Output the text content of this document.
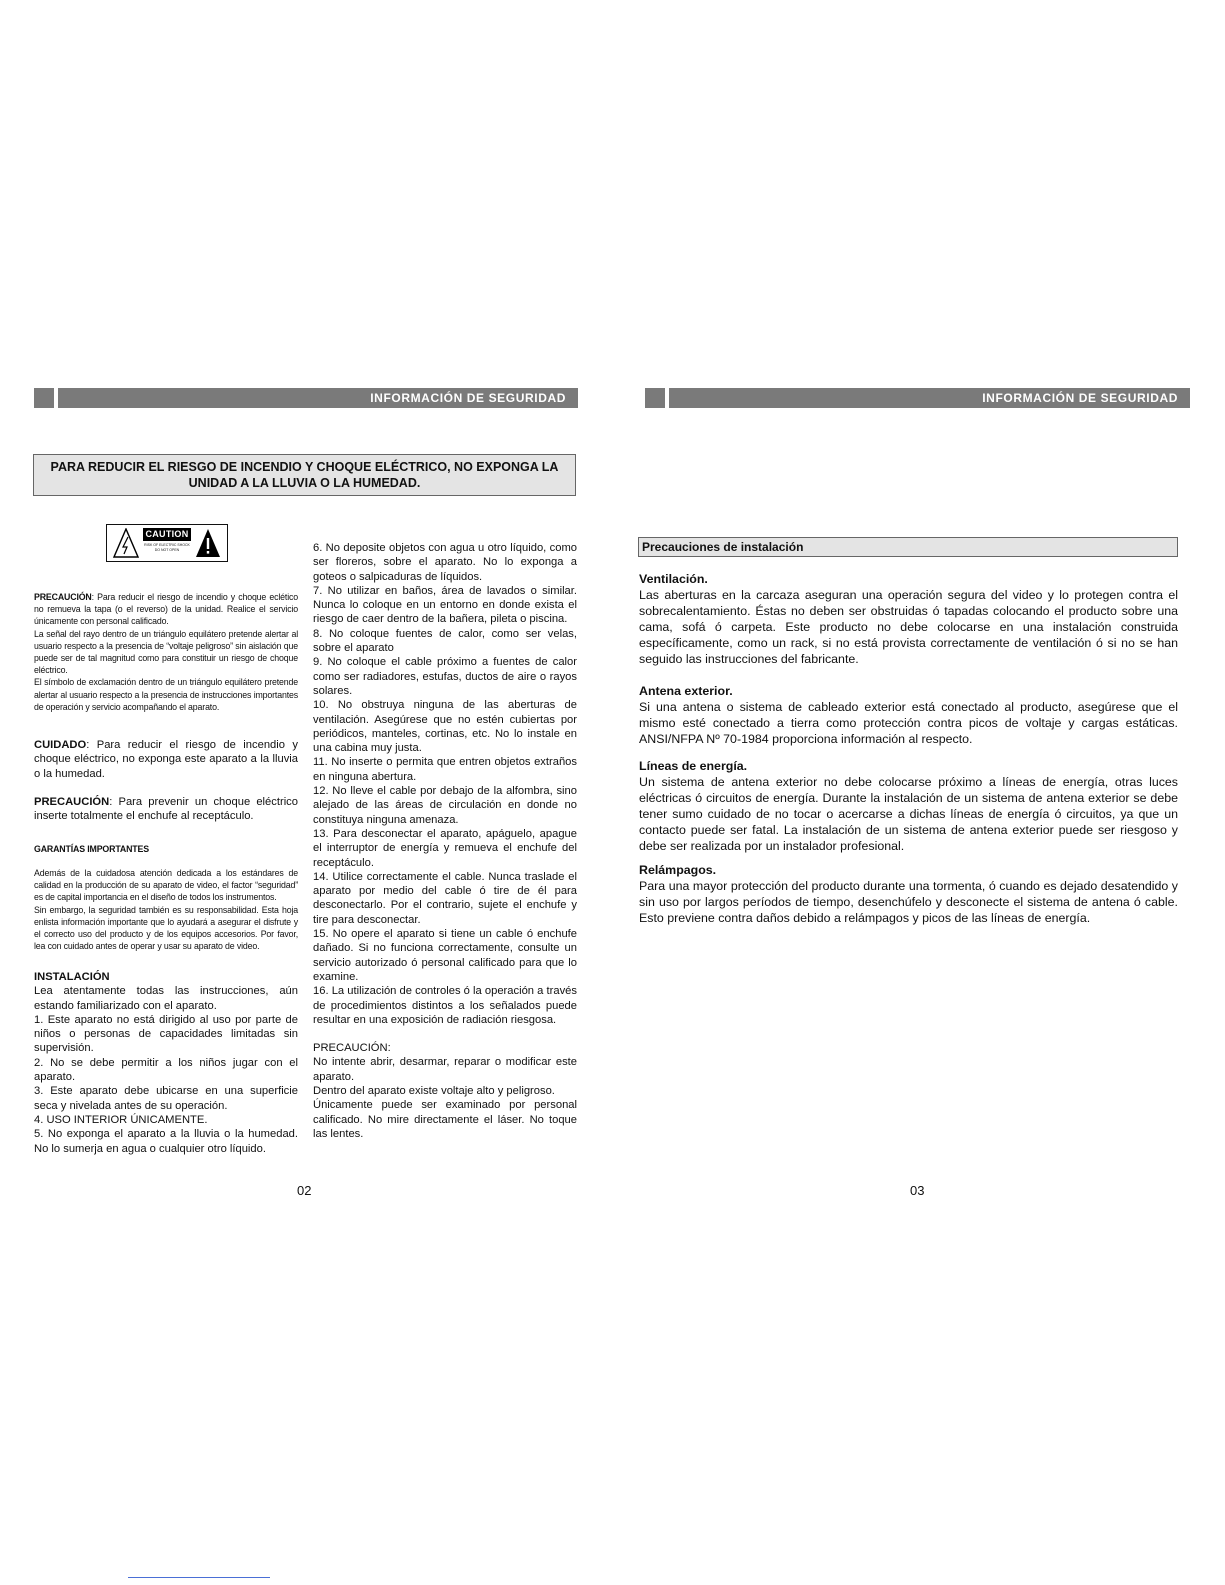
INFORMACIÓN DE SEGURIDAD
PARA REDUCIR EL RIESGO DE INCENDIO Y CHOQUE ELÉCTRICO, NO EXPONGA LA UNIDAD A LA LLUVIA O LA HUMEDAD.
CAUTION
RISK OF ELECTRIC SHOCK DO NOT OPEN

PRECAUCIÓN: Para reducir el riesgo de incendio y choque eclético no remueva la tapa (o el reverso) de la unidad. Realice el servicio únicamente con personal calificado.

La señal del rayo dentro de un triángulo equilátero pretende alertar al usuario respecto a la presencia de “voltaje peligroso” sin aislación que puede ser de tal magnitud como para constituir un riesgo de choque eléctrico.

El símbolo de exclamación dentro de un triángulo equilátero pretende alertar al usuario respecto a la presencia de instrucciones importantes de operación y servicio acompañando el aparato.

CUIDADO: Para reducir el riesgo de incendio y choque eléctrico, no exponga este aparato a la lluvia o la humedad.

PRECAUCIÓN: Para prevenir un choque eléctrico inserte totalmente el enchufe al receptáculo.

GARANTÍAS IMPORTANTES

Además de la cuidadosa atención dedicada a los estándares de calidad en la producción de su aparato de video, el factor “seguridad” es de capital importancia en el diseño de todos los instrumentos.

Sin embargo, la seguridad también es su responsabilidad. Esta hoja enlista información importante que lo ayudará a asegurar el disfrute y el correcto uso del producto y de los equipos accesorios. Por favor, lea con cuidado antes de operar y usar su aparato de video.

INSTALACIÓN

Lea atentamente todas las instrucciones, aún estando familiarizado con el aparato.

1. Este aparato no está dirigido al uso por parte de niños o personas de capacidades limitadas sin supervisión.

2. No se debe permitir a los niños jugar con el aparato.

3. Este aparato debe ubicarse en una superficie seca y nivelada antes de su operación.

4. USO INTERIOR ÚNICAMENTE.

5. No exponga el aparato a la lluvia o la humedad. No lo sumerja en agua o cualquier otro líquido.

6. No deposite objetos con agua u otro líquido, como ser floreros, sobre el aparato. No lo exponga a goteos o salpicaduras de líquidos.

7. No utilizar en baños, área de lavados o similar. Nunca lo coloque en un entorno en donde exista el riesgo de caer dentro de la bañera, pileta o piscina.

8. No coloque fuentes de calor, como ser velas, sobre el aparato

9. No coloque el cable próximo a fuentes de calor como ser radiadores, estufas, ductos de aire o rayos solares.

10. No obstruya ninguna de las aberturas de ventilación. Asegúrese que no estén cubiertas por periódicos, manteles, cortinas, etc. No lo instale en una cabina muy justa.

11. No inserte o permita que entren objetos extraños en ninguna abertura.

12. No lleve el cable por debajo de la alfombra, sino alejado de las áreas de circulación en donde no constituya ninguna amenaza.

13. Para desconectar el aparato, apáguelo, apague el interruptor de energía y remueva el enchufe del receptáculo.

14. Utilice correctamente el cable. Nunca traslade el aparato por medio del cable ó tire de él para desconectarlo. Por el contrario, sujete el enchufe y tire para desconectar.

15. No opere el aparato si tiene un cable ó enchufe dañado. Si no funciona correctamente, consulte un servicio autorizado ó personal calificado para que lo examine.

16. La utilización de controles ó la operación a través de procedimientos distintos a los señalados puede resultar en una exposición de radiación riesgosa.

PRECAUCIÓN:

No intente abrir, desarmar, reparar o modificar este aparato.

Dentro del aparato existe voltaje alto y peligroso.

Únicamente puede ser examinado por personal calificado. No mire directamente el láser. No toque las lentes.

02
INFORMACIÓN DE SEGURIDAD
Precauciones de instalación
Ventilación.

Las aberturas en la carcaza aseguran una operación segura del video y lo protegen contra el sobrecalentamiento. Éstas no deben ser obstruidas ó tapadas colocando el producto sobre una cama, sofá ó carpeta. Este producto no debe colocarse en una instalación construida específicamente, como un rack, si no está provista correctamente de ventilación ó si no se han seguido las instrucciones del fabricante.

Antena exterior.

Si una antena o sistema de cableado exterior está conectado al producto, asegúrese que el mismo esté conectado a tierra como protección contra picos de voltaje y cargas estáticas. ANSI/NFPA Nº 70-1984 proporciona información al respecto.

Líneas de energía.

Un sistema de antena exterior no debe colocarse próximo a líneas de energía, otras luces eléctricas ó circuitos de energía. Durante la instalación de un sistema de antena exterior se debe tener sumo cuidado de no tocar o acercarse a dichas líneas de energía ó circuitos, ya que un contacto puede ser fatal. La instalación de un sistema de antena exterior puede ser riesgoso y debe ser realizada por un instalador profesional.

Relámpagos.

Para una mayor protección del producto durante una tormenta, ó cuando es dejado desatendido y sin uso por largos períodos de tiempo, desenchúfelo y desconecte el sistema de antena ó cable. Esto previene contra daños debido a relámpagos y picos de las líneas de energía.

03
